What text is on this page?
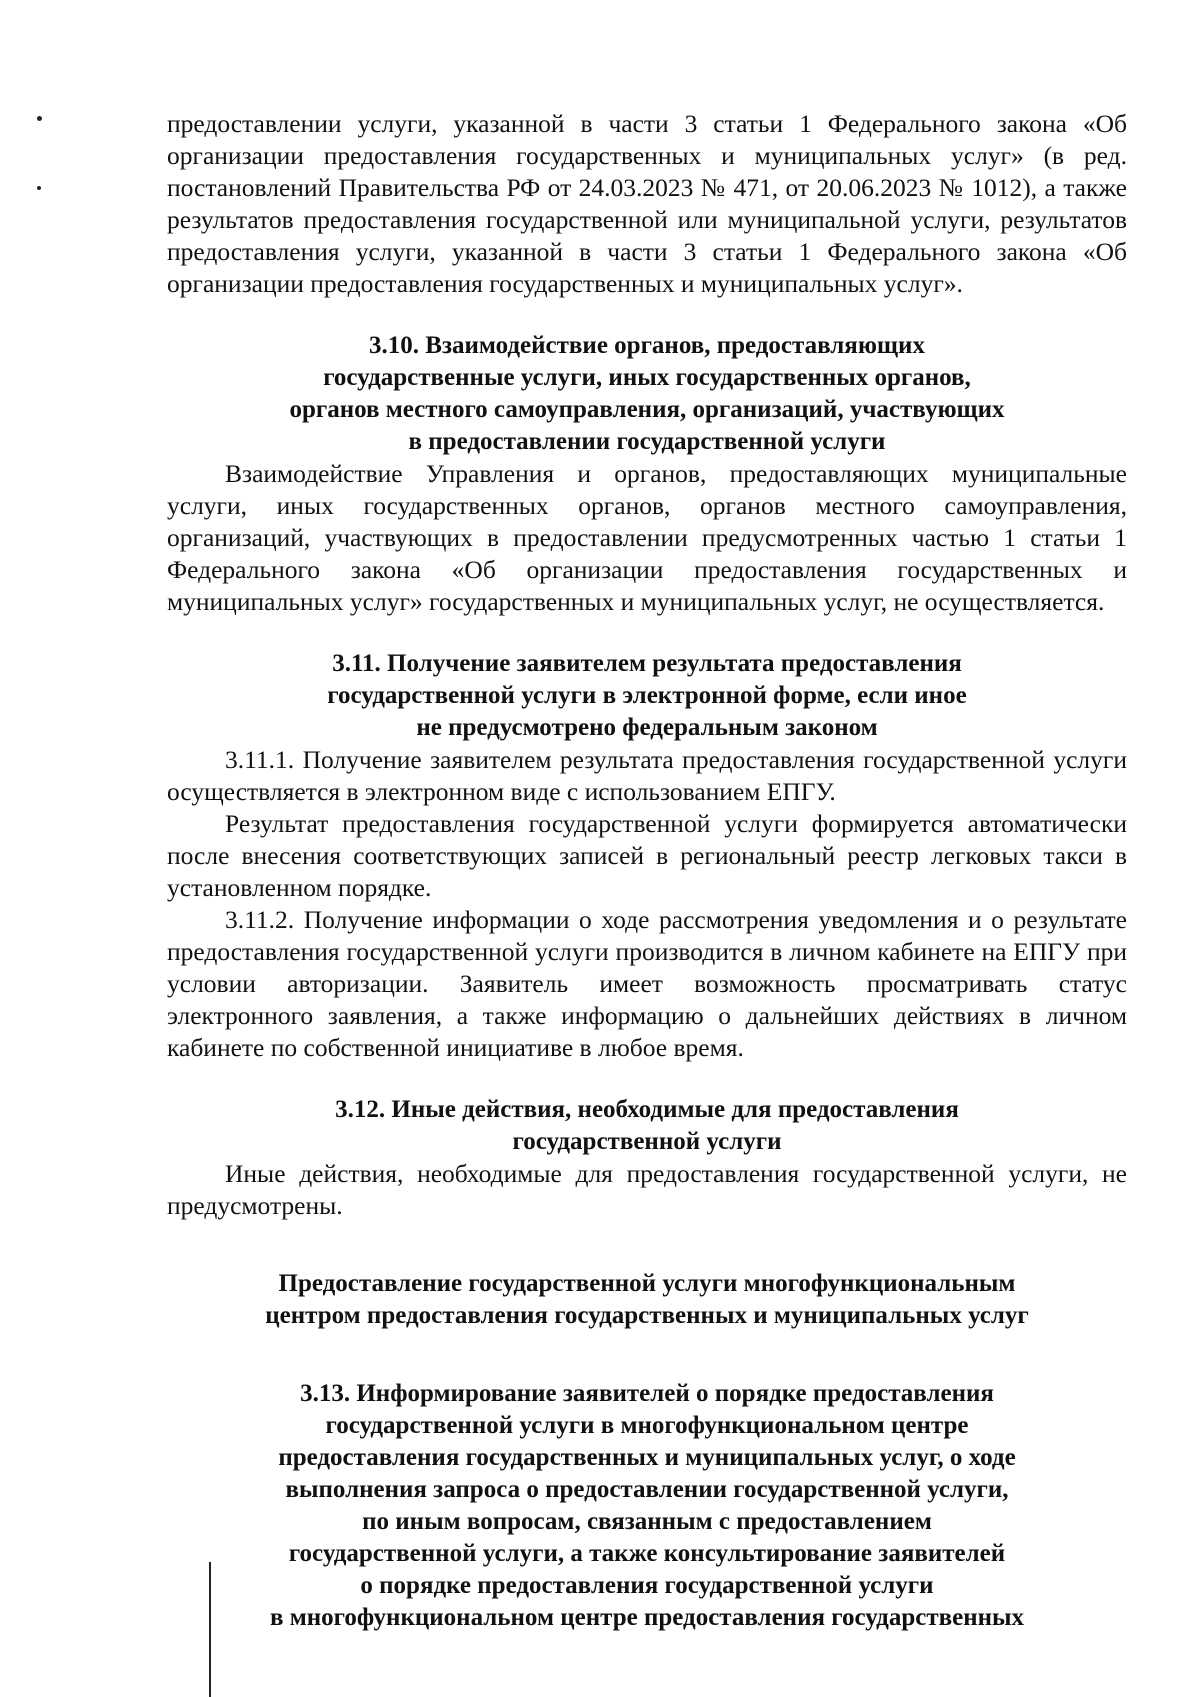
предоставлении услуги, указанной в части 3 статьи 1 Федерального закона «Об организации предоставления государственных и муниципальных услуг» (в ред. постановлений Правительства РФ от 24.03.2023 № 471, от 20.06.2023 № 1012), а также результатов предоставления государственной или муниципальной услуги, результатов предоставления услуги, указанной в части 3 статьи 1 Федерального закона «Об организации предоставления государственных и муниципальных услуг».

3.10. Взаимодействие органов, предоставляющих
государственные услуги, иных государственных органов,
органов местного самоуправления, организаций, участвующих
в предоставлении государственной услуги

Взаимодействие Управления и органов, предоставляющих муниципальные услуги, иных государственных органов, органов местного самоуправления, организаций, участвующих в предоставлении предусмотренных частью 1 статьи 1 Федерального закона «Об организации предоставления государственных и муниципальных услуг» государственных и муниципальных услуг, не осуществляется.

3.11. Получение заявителем результата предоставления
государственной услуги в электронной форме, если иное
не предусмотрено федеральным законом

3.11.1. Получение заявителем результата предоставления государственной услуги осуществляется в электронном виде с использованием ЕПГУ.

Результат предоставления государственной услуги формируется автоматически после внесения соответствующих записей в региональный реестр легковых такси в установленном порядке.

3.11.2. Получение информации о ходе рассмотрения уведомления и о результате предоставления государственной услуги производится в личном кабинете на ЕПГУ при условии авторизации. Заявитель имеет возможность просматривать статус электронного заявления, а также информацию о дальнейших действиях в личном кабинете по собственной инициативе в любое время.

3.12. Иные действия, необходимые для предоставления
государственной услуги

Иные действия, необходимые для предоставления государственной услуги, не предусмотрены.

Предоставление государственной услуги многофункциональным
центром предоставления государственных и муниципальных услуг
3.13. Информирование заявителей о порядке предоставления
государственной услуги в многофункциональном центре
предоставления государственных и муниципальных услуг, о ходе
выполнения запроса о предоставлении государственной услуги,
по иным вопросам, связанным с предоставлением
государственной услуги, а также консультирование заявителей
о порядке предоставления государственной услуги
в многофункциональном центре предоставления государственных
